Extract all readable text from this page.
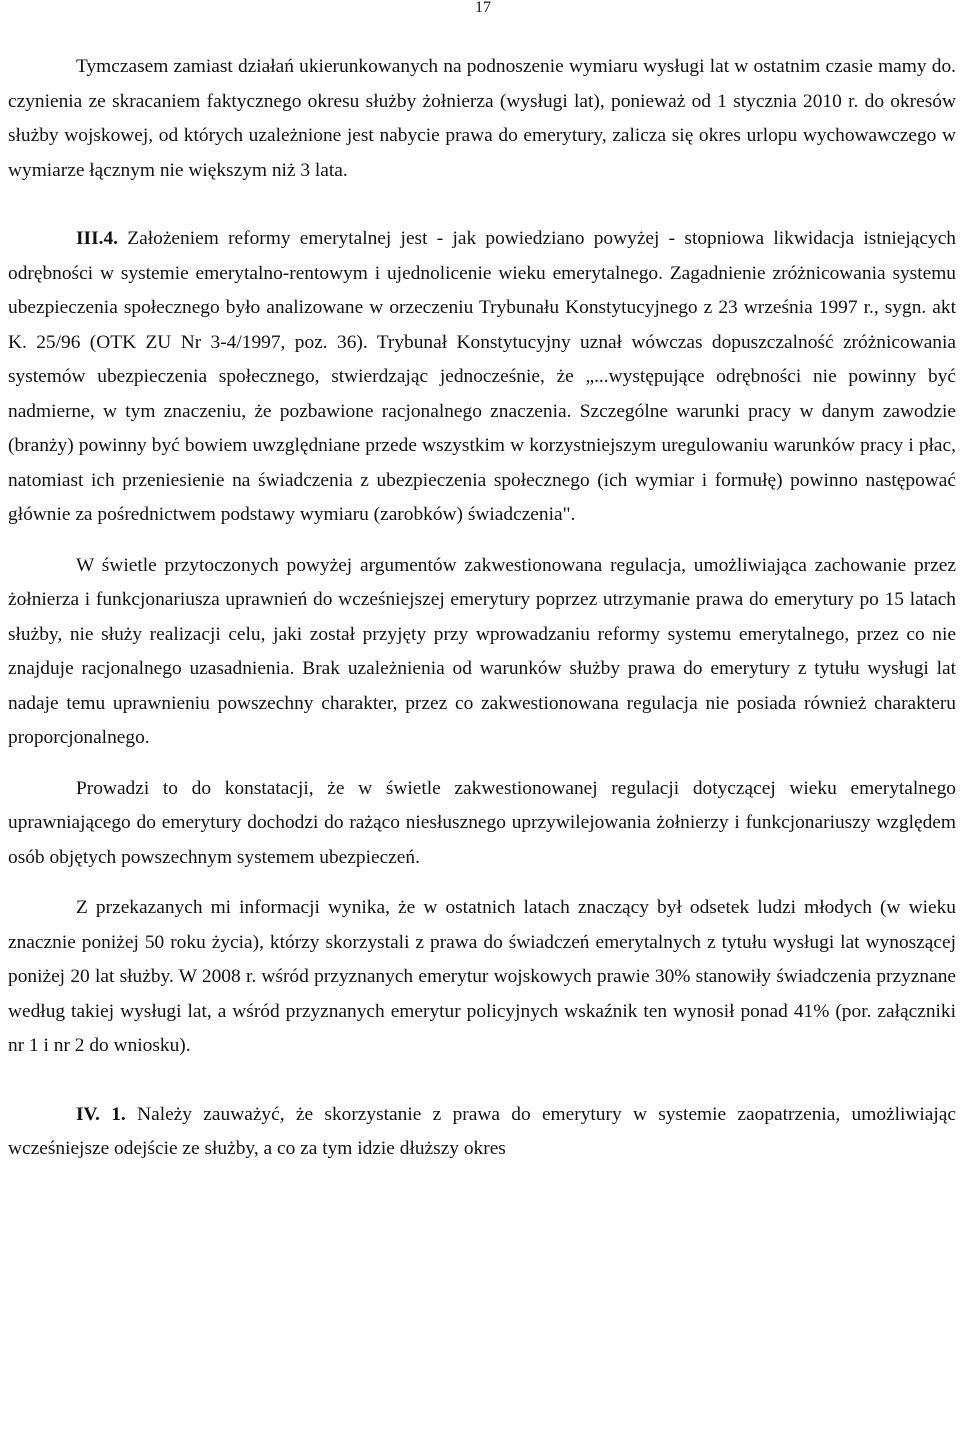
17

Tymczasem zamiast działań ukierunkowanych na podnoszenie wymiaru wysługi lat w ostatnim czasie mamy do. czynienia ze skracaniem faktycznego okresu służby żołnierza (wysługi lat), ponieważ od 1 stycznia 2010 r. do okresów służby wojskowej, od których uzależnione jest nabycie prawa do emerytury, zalicza się okres urlopu wychowawczego w wymiarze łącznym nie większym niż 3 lata.

III.4. Założeniem reformy emerytalnej jest - jak powiedziano powyżej - stopniowa likwidacja istniejących odrębności w systemie emerytalno-rentowym i ujednolicenie wieku emerytalnego. Zagadnienie zróżnicowania systemu ubezpieczenia społecznego było analizowane w orzeczeniu Trybunału Konstytucyjnego z 23 września 1997 r., sygn. akt K. 25/96 (OTK ZU Nr 3-4/1997, poz. 36). Trybunał Konstytucyjny uznał wówczas dopuszczalność zróżnicowania systemów ubezpieczenia społecznego, stwierdzając jednocześnie, że „...występujące odrębności nie powinny być nadmierne, w tym znaczeniu, że pozbawione racjonalnego znaczenia. Szczególne warunki pracy w danym zawodzie (branży) powinny być bowiem uwzględniane przede wszystkim w korzystniejszym uregulowaniu warunków pracy i płac, natomiast ich przeniesienie na świadczenia z ubezpieczenia społecznego (ich wymiar i formułę) powinno następować głównie za pośrednictwem podstawy wymiaru (zarobków) świadczenia".

W świetle przytoczonych powyżej argumentów zakwestionowana regulacja, umożliwiająca zachowanie przez żołnierza i funkcjonariusza uprawnień do wcześniejszej emerytury poprzez utrzymanie prawa do emerytury po 15 latach służby, nie służy realizacji celu, jaki został przyjęty przy wprowadzaniu reformy systemu emerytalnego, przez co nie znajduje racjonalnego uzasadnienia. Brak uzależnienia od warunków służby prawa do emerytury z tytułu wysługi lat nadaje temu uprawnieniu powszechny charakter, przez co zakwestionowana regulacja nie posiada również charakteru proporcjonalnego.

Prowadzi to do konstatacji, że w świetle zakwestionowanej regulacji dotyczącej wieku emerytalnego uprawniającego do emerytury dochodzi do rażąco niesłusznego uprzywilejowania żołnierzy i funkcjonariuszy względem osób objętych powszechnym systemem ubezpieczeń.

Z przekazanych mi informacji wynika, że w ostatnich latach znaczący był odsetek ludzi młodych (w wieku znacznie poniżej 50 roku życia), którzy skorzystali z prawa do świadczeń emerytalnych z tytułu wysługi lat wynoszącej poniżej 20 lat służby. W 2008 r. wśród przyznanych emerytur wojskowych prawie 30% stanowiły świadczenia przyznane według takiej wysługi lat, a wśród przyznanych emerytur policyjnych wskaźnik ten wynosił ponad 41% (por. załączniki nr 1 i nr 2 do wniosku).

IV. 1. Należy zauważyć, że skorzystanie z prawa do emerytury w systemie zaopatrzenia, umożliwiając wcześniejsze odejście ze służby, a co za tym idzie dłuższy okres
